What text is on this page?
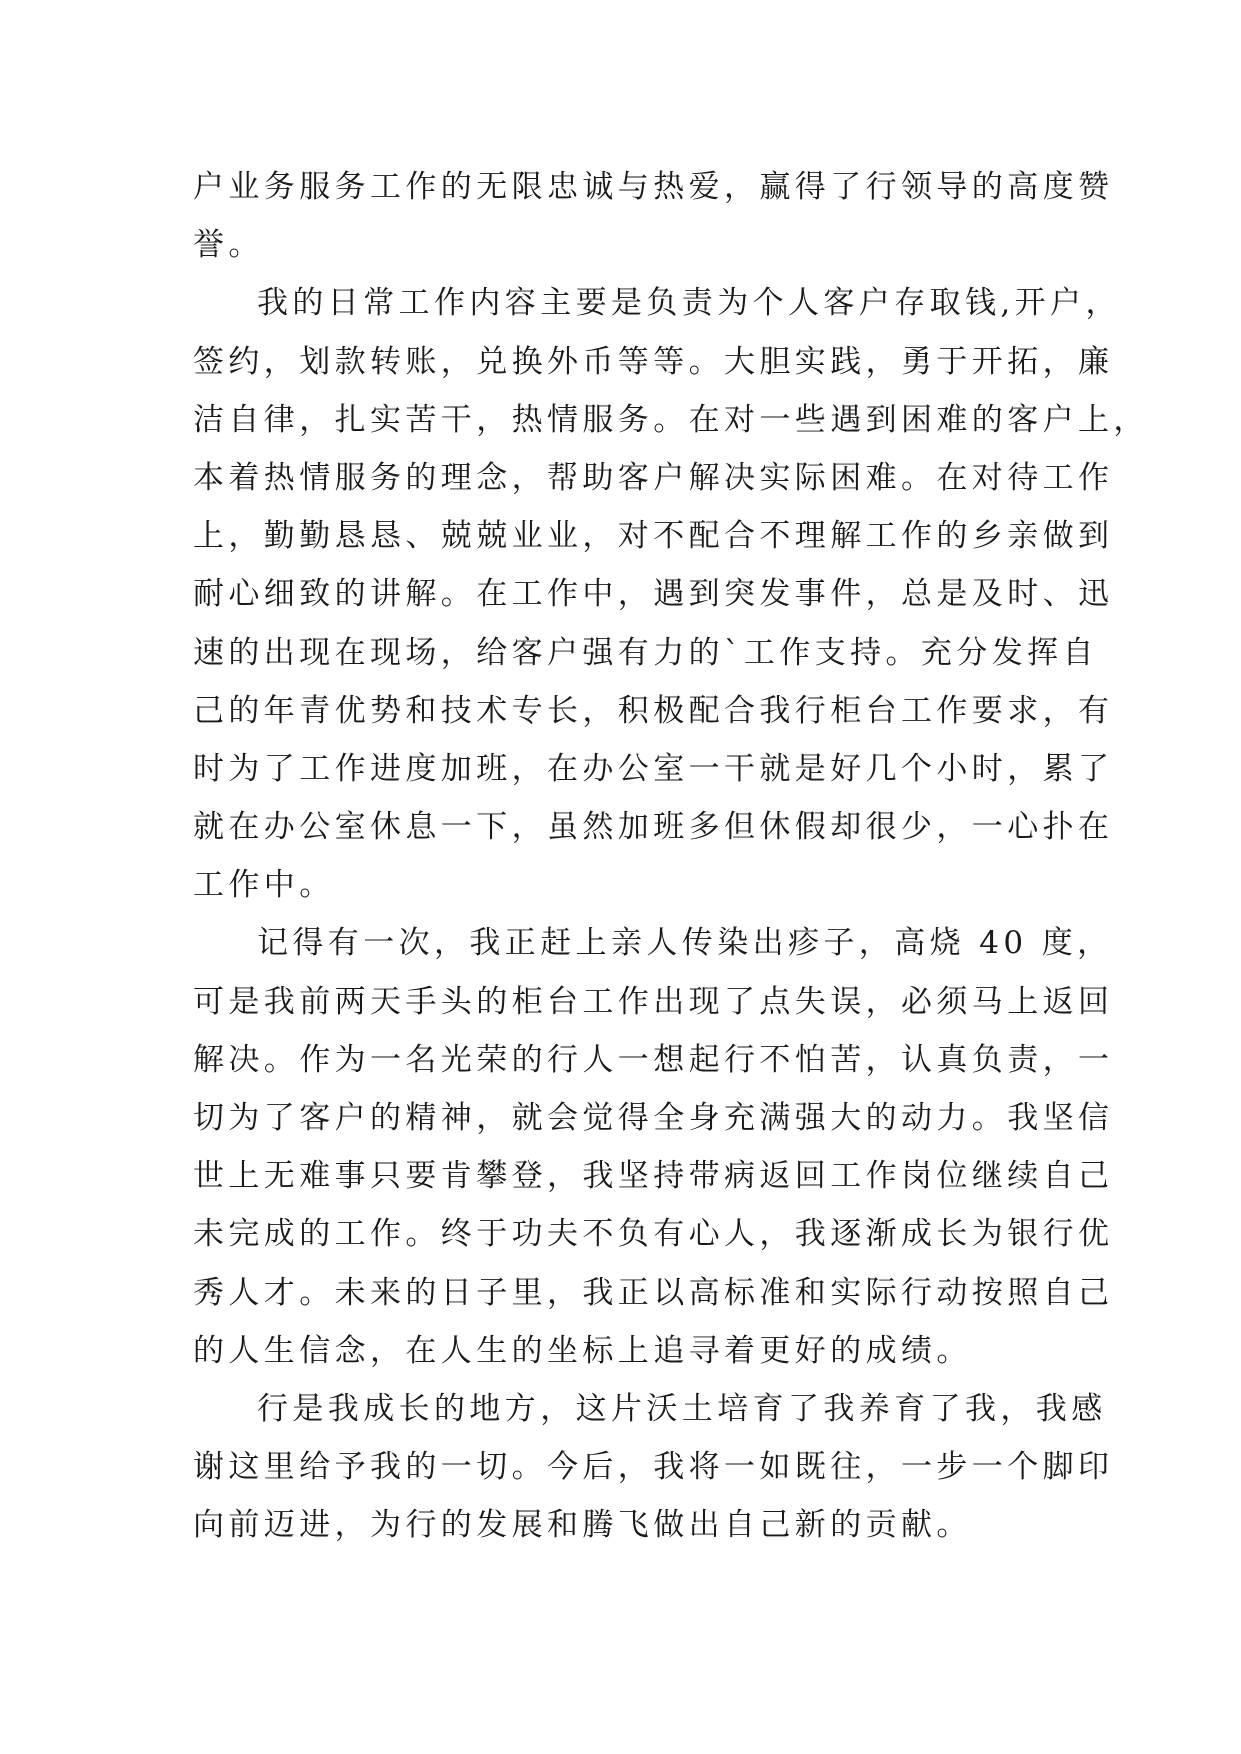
户业务服务工作的无限忠诚与热爱，赢得了行领导的高度赞
誉。
我的日常工作内容主要是负责为个人客户存取钱,开户，
签约，划款转账，兑换外币等等。大胆实践，勇于开拓，廉
洁自律，扎实苦干，热情服务。在对一些遇到困难的客户上，
本着热情服务的理念，帮助客户解决实际困难。在对待工作
上，勤勤恳恳、兢兢业业，对不配合不理解工作的乡亲做到
耐心细致的讲解。在工作中，遇到突发事件，总是及时、迅
速的出现在现场，给客户强有力的`工作支持。充分发挥自
己的年青优势和技术专长，积极配合我行柜台工作要求，有
时为了工作进度加班，在办公室一干就是好几个小时，累了
就在办公室休息一下，虽然加班多但休假却很少，一心扑在
工作中。
记得有一次，我正赶上亲人传染出疹子，高烧 40 度，
可是我前两天手头的柜台工作出现了点失误，必须马上返回
解决。作为一名光荣的行人一想起行不怕苦，认真负责，一
切为了客户的精神，就会觉得全身充满强大的动力。我坚信
世上无难事只要肯攀登，我坚持带病返回工作岗位继续自己
未完成的工作。终于功夫不负有心人，我逐渐成长为银行优
秀人才。未来的日子里，我正以高标准和实际行动按照自己
的人生信念，在人生的坐标上追寻着更好的成绩。
行是我成长的地方，这片沃土培育了我养育了我，我感
谢这里给予我的一切。今后，我将一如既往，一步一个脚印
向前迈进，为行的发展和腾飞做出自己新的贡献。
